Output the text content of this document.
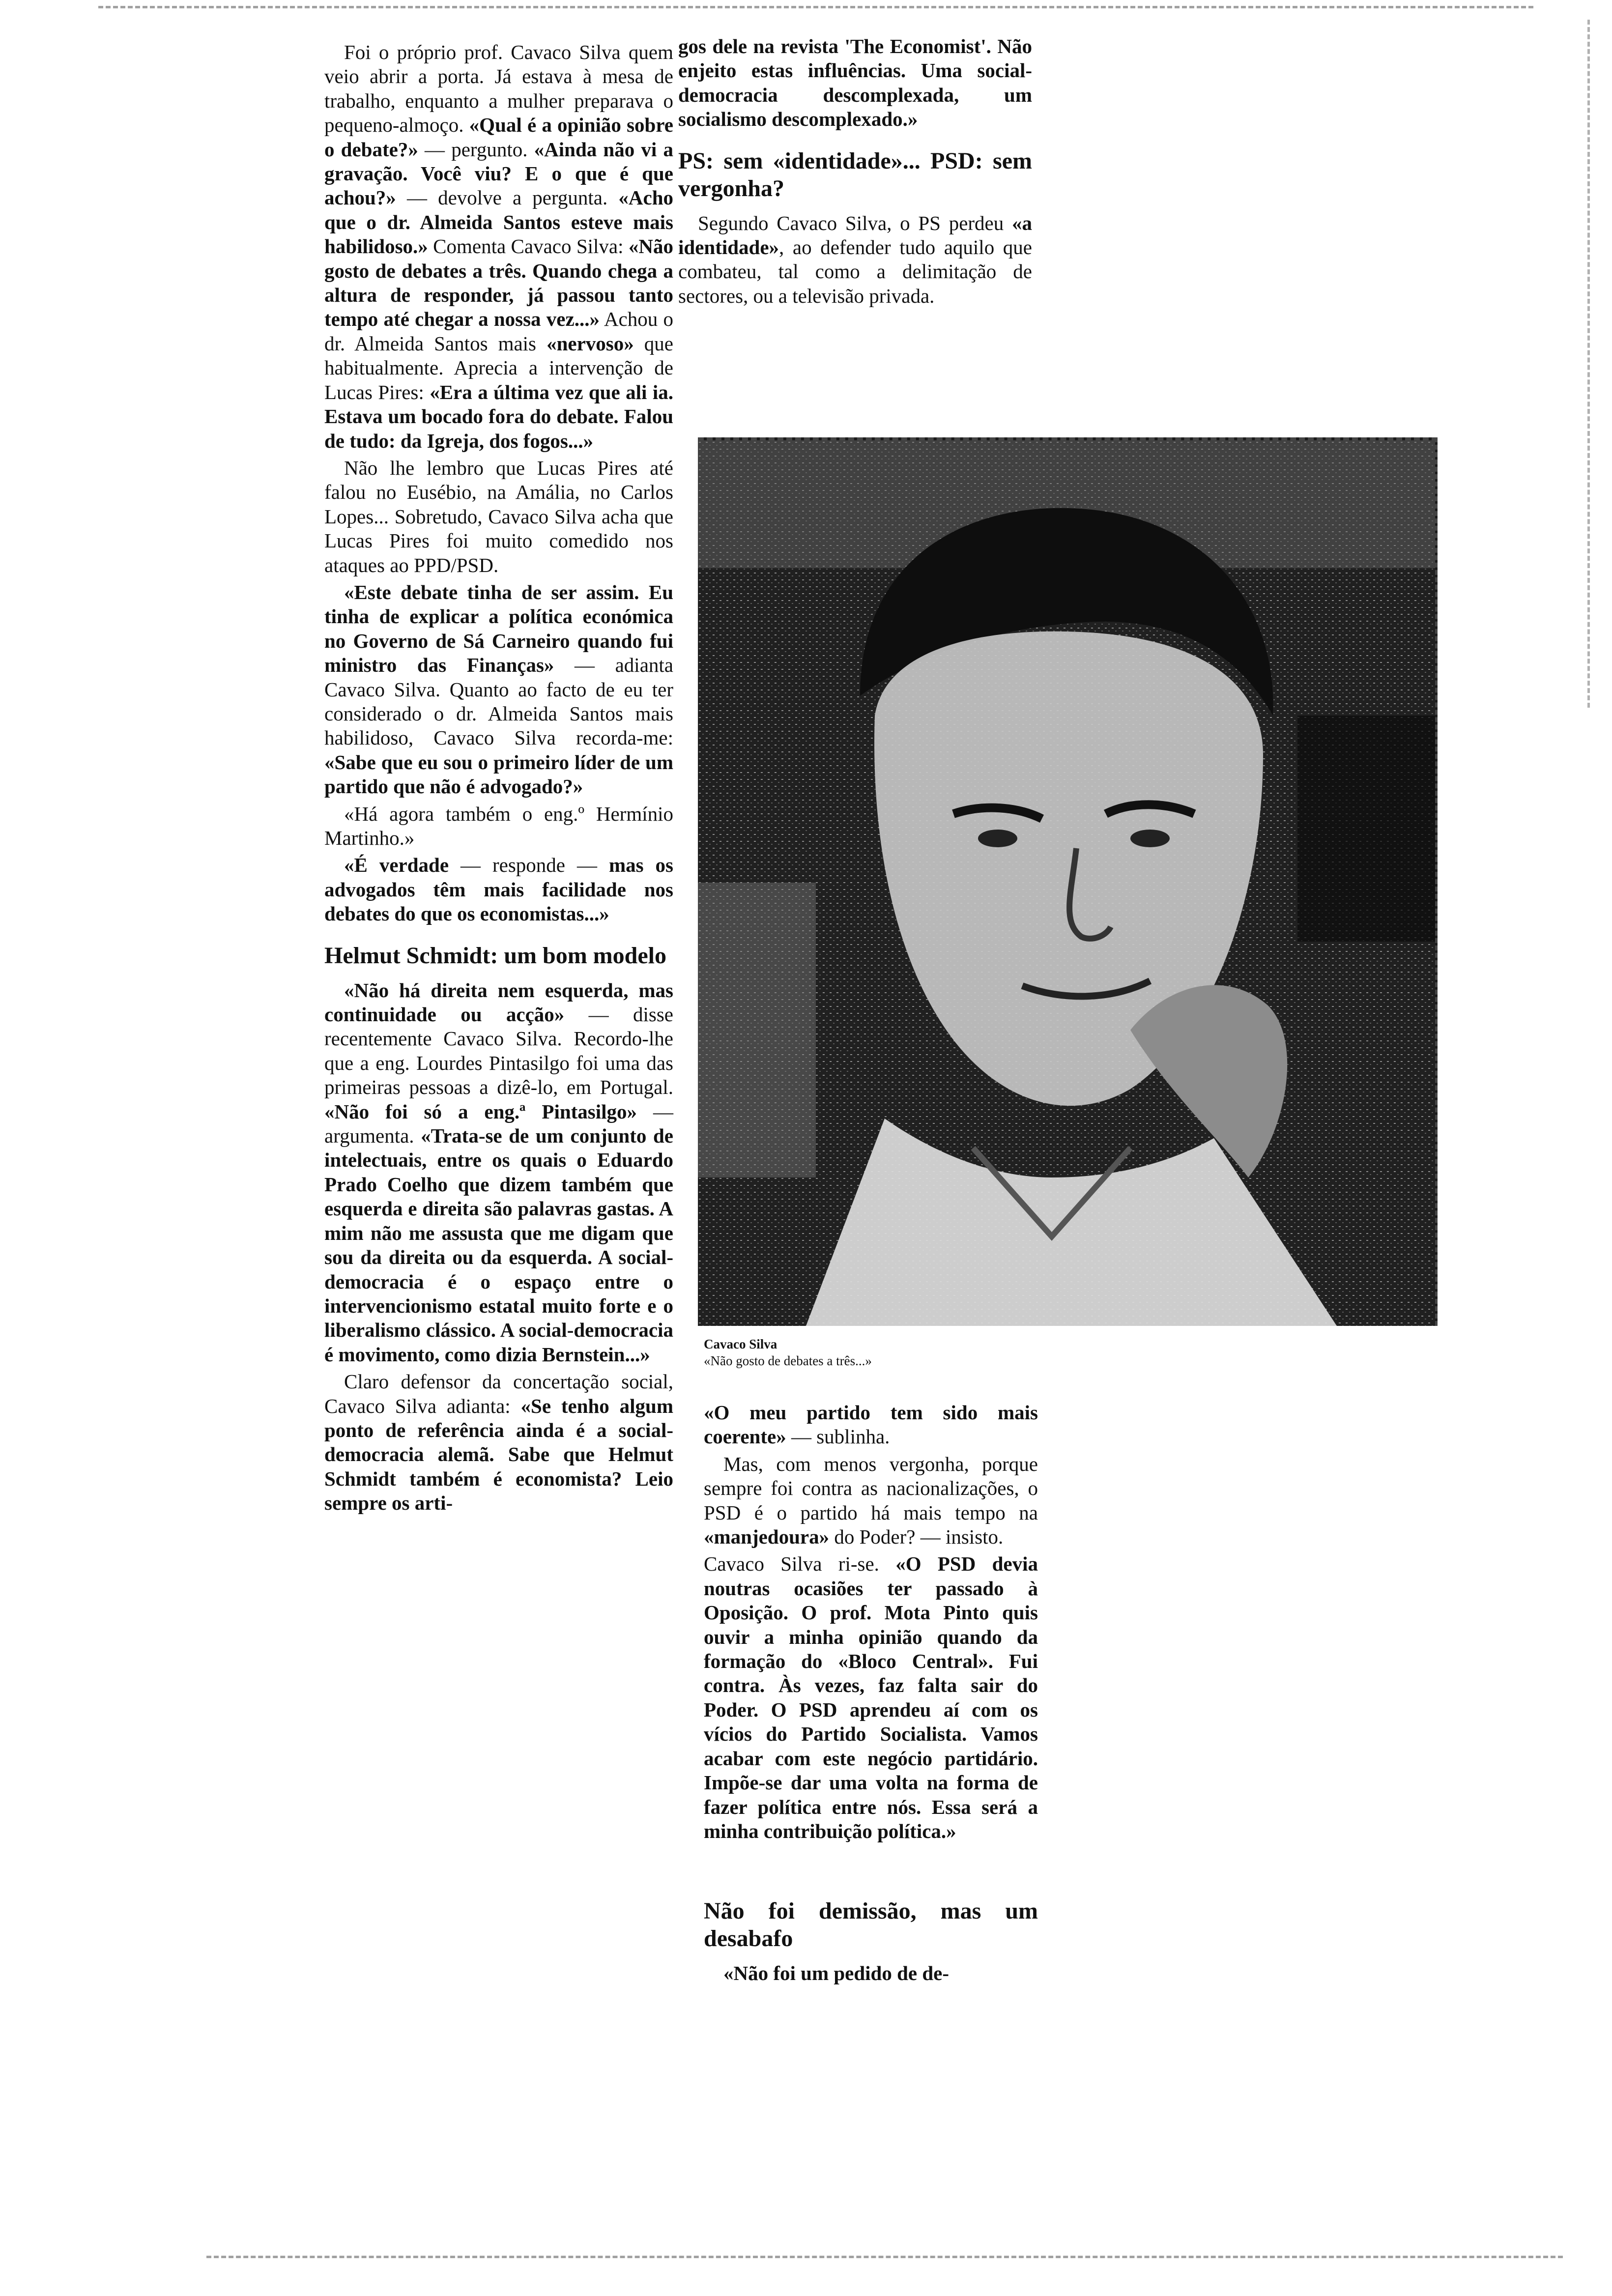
Foi o próprio prof. Cavaco Silva quem veio abrir a porta. Já estava à mesa de trabalho, enquanto a mulher preparava o pequeno-almoço. «Qual é a opinião sobre o debate?» — pergunto. «Ainda não vi a gravação. Você viu? E o que é que achou?» — devolve a pergunta. «Acho que o dr. Almeida Santos esteve mais habilidoso.» Comenta Cavaco Silva: «Não gosto de debates a três. Quando chega a altura de responder, já passou tanto tempo até chegar a nossa vez...» Achou o dr. Almeida Santos mais «nervoso» que habitualmente. Aprecia a intervenção de Lucas Pires: «Era a última vez que ali ia. Estava um bocado fora do debate. Falou de tudo: da Igreja, dos fogos...»

Não lhe lembro que Lucas Pires até falou no Eusébio, na Amália, no Carlos Lopes... Sobretudo, Cavaco Silva acha que Lucas Pires foi muito comedido nos ataques ao PPD/PSD.

«Este debate tinha de ser assim. Eu tinha de explicar a política económica no Governo de Sá Carneiro quando fui ministro das Finanças» — adianta Cavaco Silva. Quanto ao facto de eu ter considerado o dr. Almeida Santos mais habilidoso, Cavaco Silva recorda-me: «Sabe que eu sou o primeiro líder de um partido que não é advogado?»

«Há agora também o eng.º Hermínio Martinho.»

«É verdade — responde — mas os advogados têm mais facilidade nos debates do que os economistas...»

Helmut Schmidt: um bom modelo

«Não há direita nem esquerda, mas continuidade ou acção» — disse recentemente Cavaco Silva. Recordo-lhe que a eng. Lourdes Pintasilgo foi uma das primeiras pessoas a dizê-lo, em Portugal. «Não foi só a eng.ª Pintasilgo» — argumenta. «Trata-se de um conjunto de intelectuais, entre os quais o Eduardo Prado Coelho que dizem também que esquerda e direita são palavras gastas. A mim não me assusta que me digam que sou da direita ou da esquerda. A social-democracia é o espaço entre o intervencionismo estatal muito forte e o liberalismo clássico. A social-democracia é movimento, como dizia Bernstein...»

Claro defensor da concertação social, Cavaco Silva adianta: «Se tenho algum ponto de referência ainda é a social-democracia alemã. Sabe que Helmut Schmidt também é economista? Leio sempre os arti-

gos dele na revista 'The Economist'. Não enjeito estas influências. Uma social-democracia descomplexada, um socialismo descomplexado.»

PS: sem «identidade»... PSD: sem vergonha?

Segundo Cavaco Silva, o PS perdeu «a identidade», ao defender tudo aquilo que combateu, tal como a delimitação de sectores, ou a televisão privada.

Cavaco Silva
«Não gosto de debates a três...»

«O meu partido tem sido mais coerente» — sublinha.

Mas, com menos vergonha, porque sempre foi contra as nacionalizações, o PSD é o partido há mais tempo na «manjedoura» do Poder? — insisto.

Cavaco Silva ri-se. «O PSD devia noutras ocasiões ter passado à Oposição. O prof. Mota Pinto quis ouvir a minha opinião quando da formação do «Bloco Central». Fui contra. Às vezes, faz falta sair do Poder. O PSD aprendeu aí com os vícios do Partido Socialista. Vamos acabar com este negócio partidário. Impõe-se dar uma volta na forma de fazer política entre nós. Essa será a minha contribuição política.»

Não foi demissão, mas um desabafo

«Não foi um pedido de de-
